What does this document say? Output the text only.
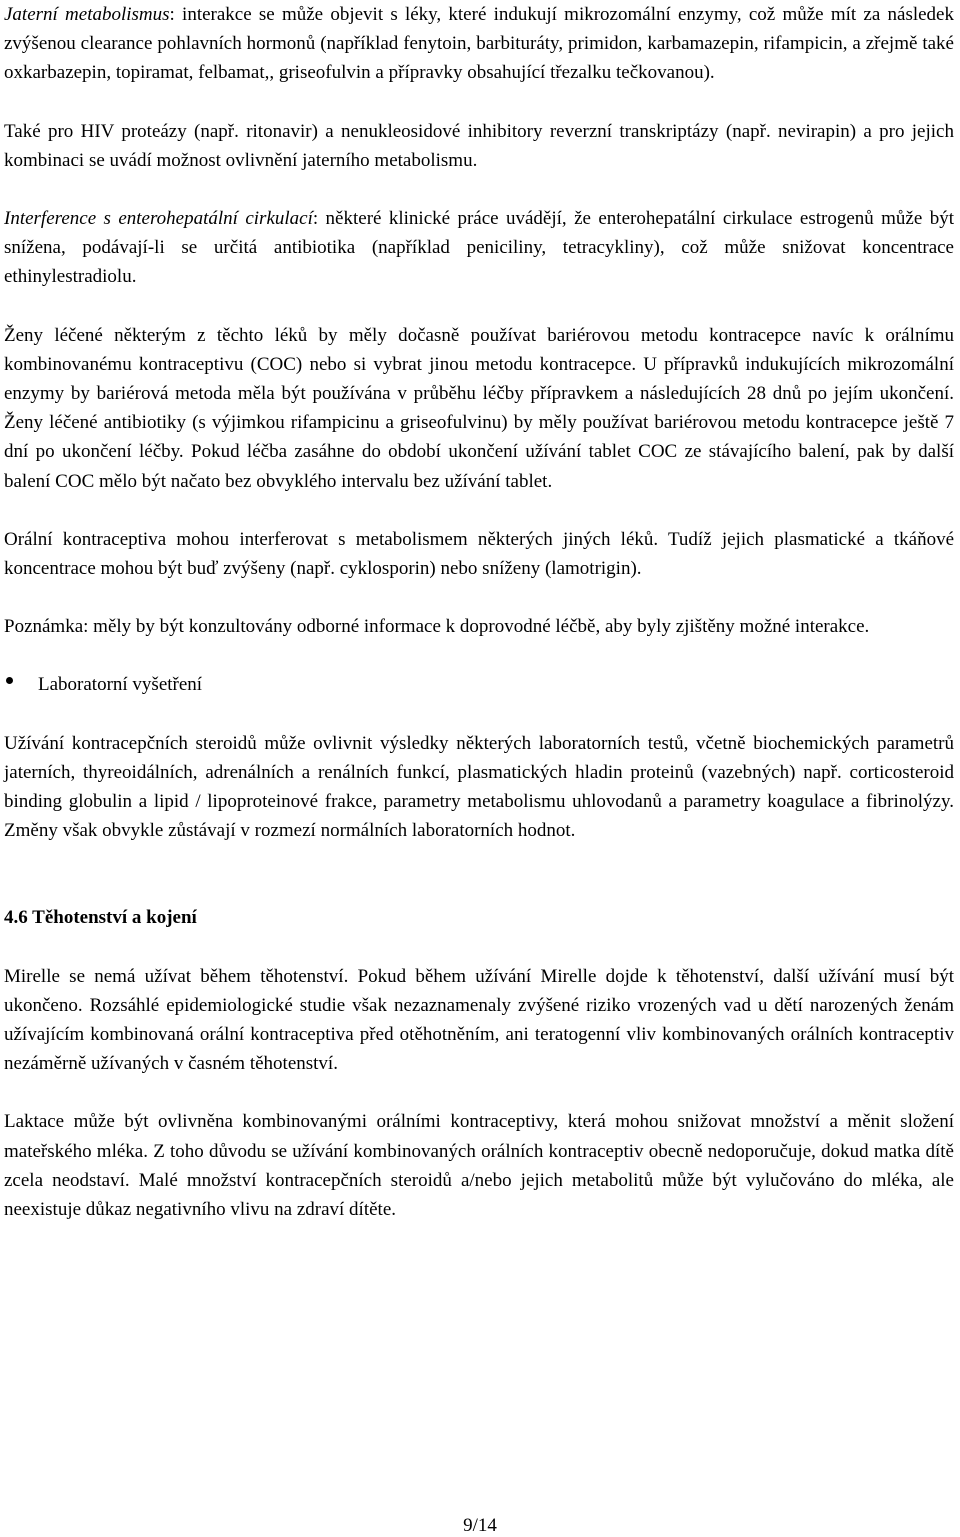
Jaterní metabolismus: interakce se může objevit s léky, které indukují mikrozomální enzymy, což může mít za následek zvýšenou clearance pohlavních hormonů (například fenytoin, barbituráty, primidon, karbamazepin, rifampicin, a zřejmě také oxkarbazepin, topiramat, felbamat,, griseofulvin a přípravky obsahující třezalku tečkovanou).

Také pro HIV proteázy (např. ritonavir) a nenukleosidové inhibitory reverzní transkriptázy (např. nevirapin) a pro jejich kombinaci se uvádí možnost ovlivnění jaterního metabolismu.

Interference s enterohepatální cirkulací: některé klinické práce uvádějí, že enterohepatální cirkulace estrogenů může být snížena, podávají-li se určitá antibiotika (například peniciliny, tetracykliny), což může snižovat koncentrace ethinylestradiolu.

Ženy léčené některým z těchto léků by měly dočasně používat bariérovou metodu kontracepce navíc k orálnímu kombinovanému kontraceptivu (COC) nebo si vybrat jinou metodu kontracepce. U přípravků indukujících mikrozomální enzymy by bariérová metoda měla být používána v průběhu léčby přípravkem a následujících 28 dnů po jejím ukončení. Ženy léčené antibiotiky (s výjimkou rifampicinu a griseofulvinu) by měly používat bariérovou metodu kontracepce ještě 7 dní po ukončení léčby. Pokud léčba zasáhne do období ukončení užívání tablet COC ze stávajícího balení, pak by další balení COC mělo být načato bez obvyklého intervalu bez užívání tablet.

Orální kontraceptiva mohou interferovat s metabolismem některých jiných léků. Tudíž jejich plasmatické a tkáňové koncentrace mohou být buď zvýšeny (např. cyklosporin) nebo sníženy (lamotrigin).

Poznámka: měly by být konzultovány odborné informace k doprovodné léčbě, aby byly zjištěny možné interakce.

Laboratorní vyšetření

Užívání kontracepčních steroidů může ovlivnit výsledky některých laboratorních testů, včetně biochemických parametrů jaterních, thyreoidálních, adrenálních a renálních funkcí, plasmatických hladin proteinů (vazebných) např. corticosteroid binding globulin a lipid / lipoproteinové frakce, parametry metabolismu uhlovodanů a parametry koagulace a fibrinolýzy. Změny však obvykle zůstávají v rozmezí normálních laboratorních hodnot.

4.6 Těhotenství a kojení

Mirelle se nemá užívat během těhotenství. Pokud během užívání Mirelle dojde k těhotenství, další užívání musí být ukončeno. Rozsáhlé epidemiologické studie však nezaznamenaly zvýšené riziko vrozených vad u dětí narozených ženám užívajícím kombinovaná orální kontraceptiva před otěhotněním, ani teratogenní vliv kombinovaných orálních kontraceptiv nezáměrně užívaných v časném těhotenství.

Laktace může být ovlivněna kombinovanými orálními kontraceptivy, která mohou snižovat množství a měnit složení mateřského mléka. Z toho důvodu se užívání kombinovaných orálních kontraceptiv obecně nedoporučuje, dokud matka dítě zcela neodstaví. Malé množství kontracepčních steroidů a/nebo jejich metabolitů může být vylučováno do mléka, ale neexistuje důkaz negativního vlivu na zdraví dítěte.

9/14
